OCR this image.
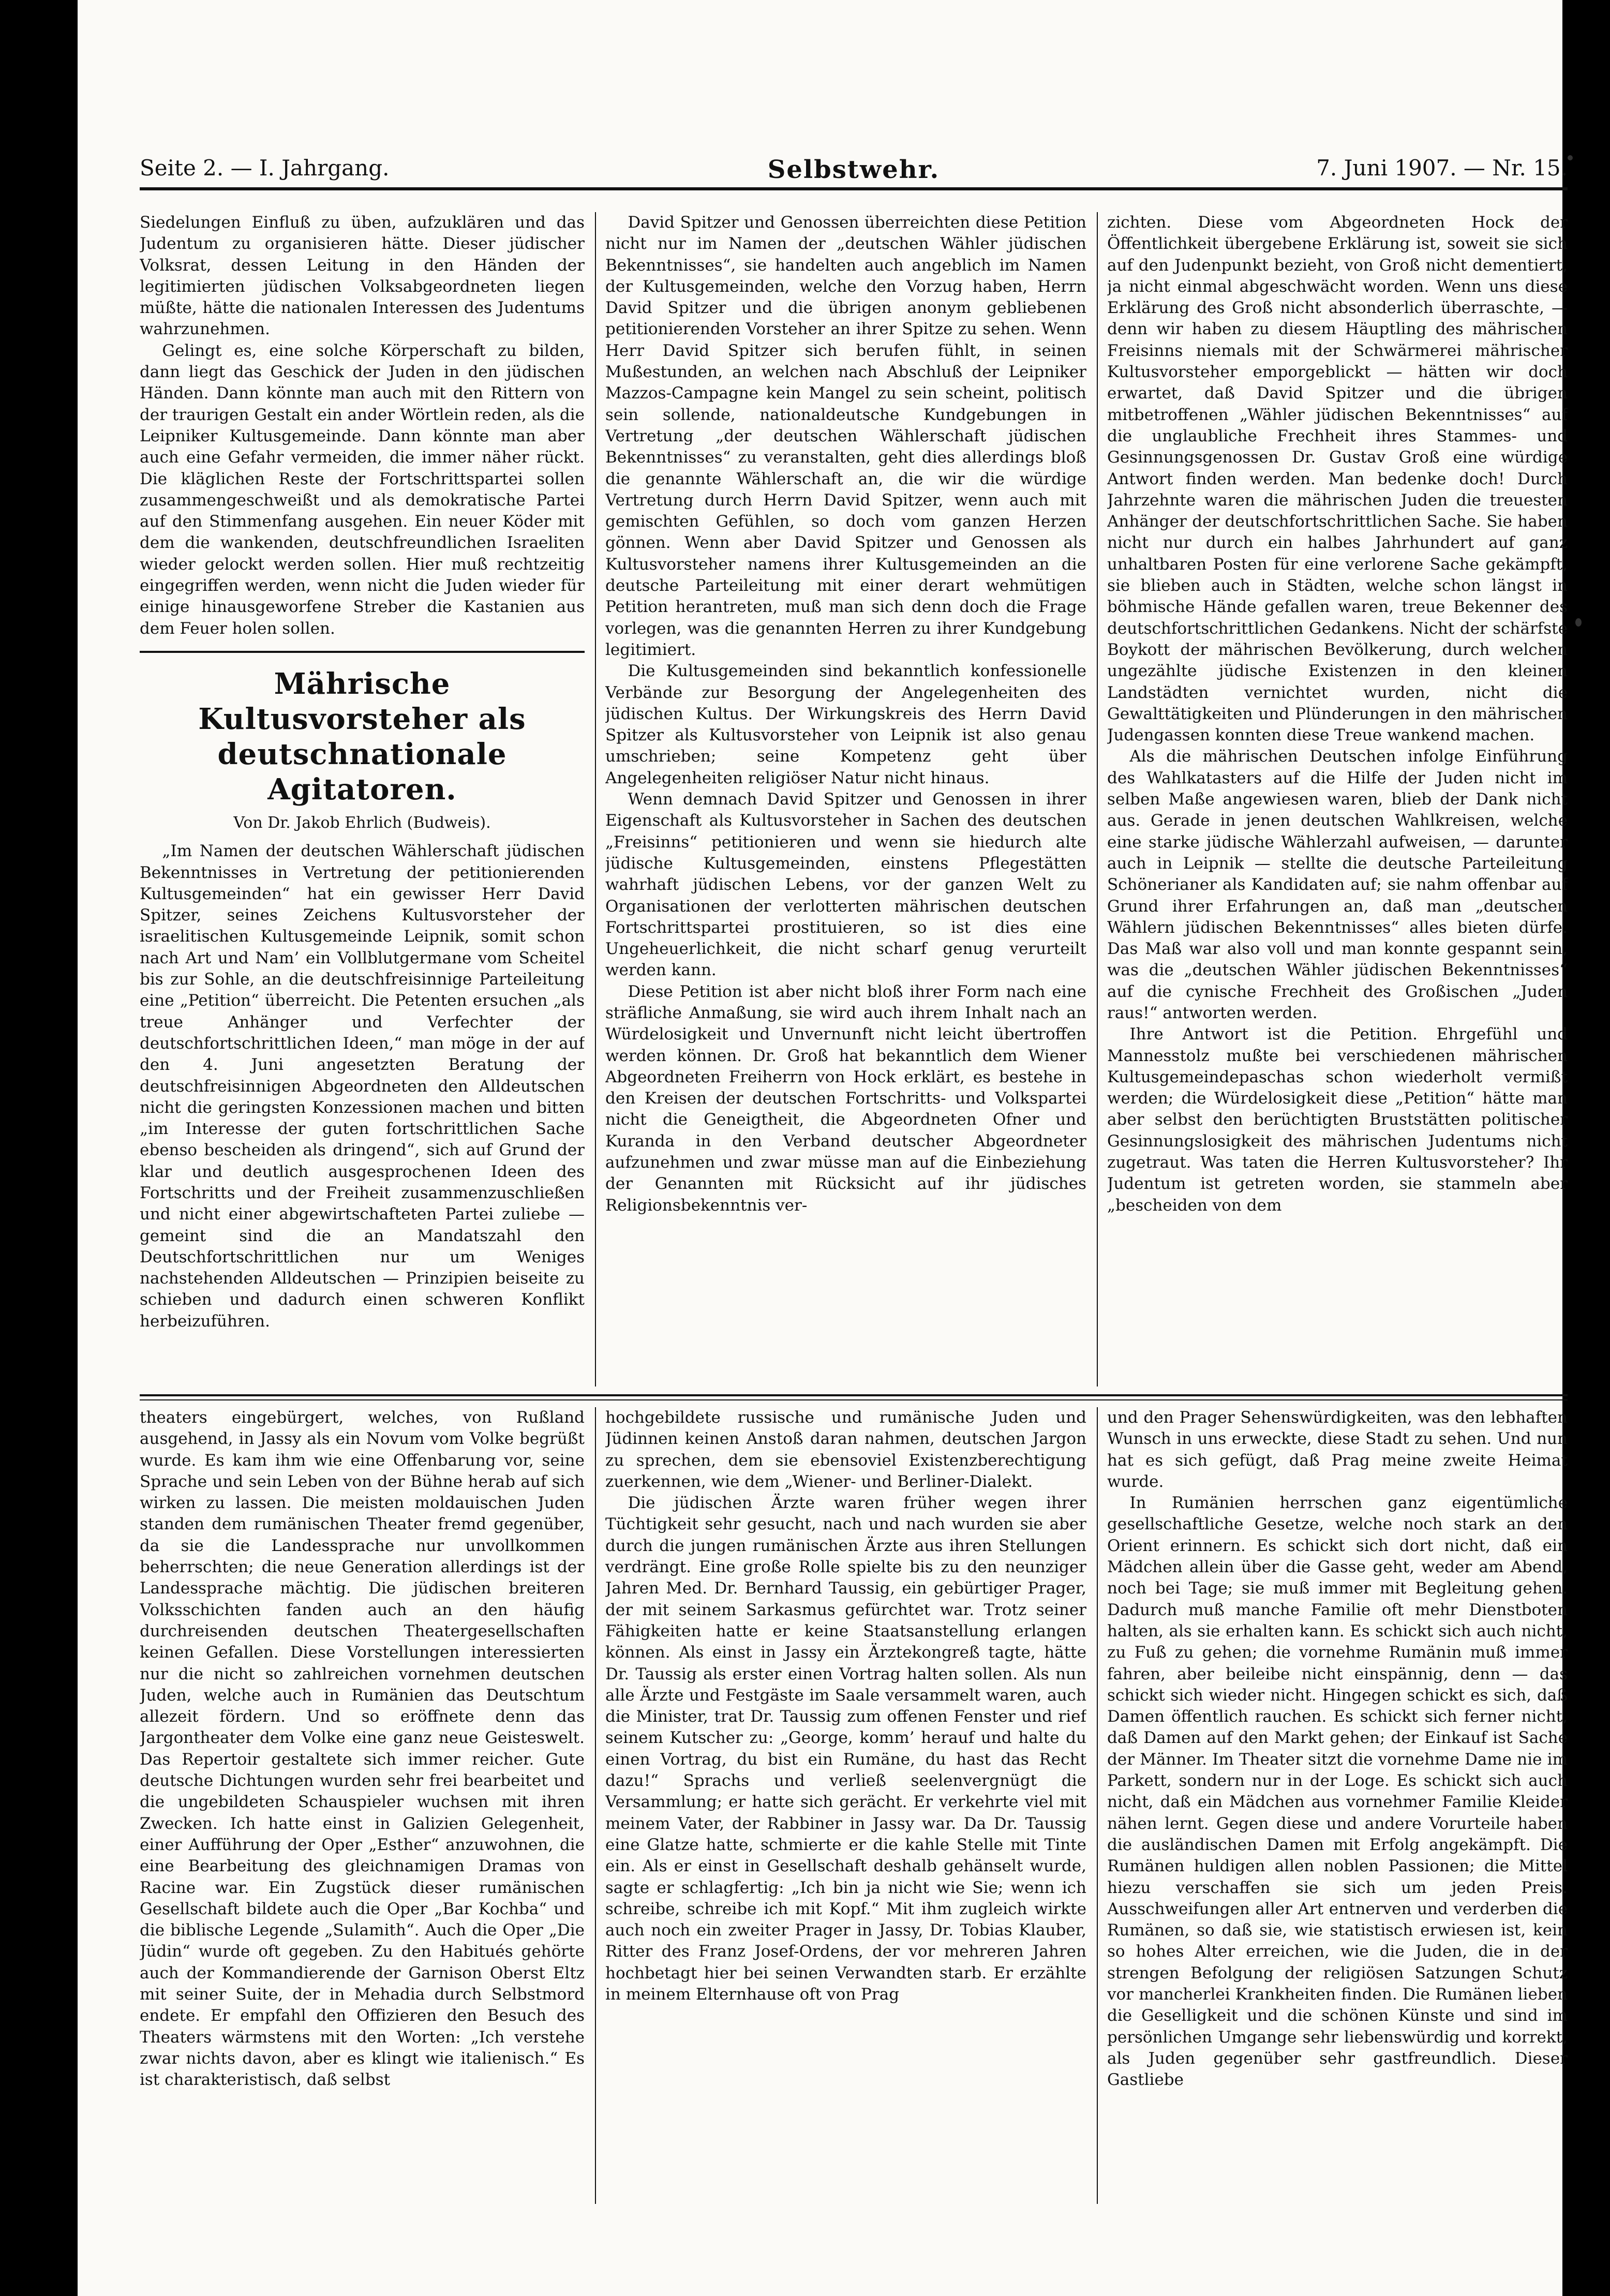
Seite 2. — I. Jahrgang.	Selbstwehr.	7. Juni 1907. — Nr. 15.

Siedelungen Einfluß zu üben, aufzuklären und das Judentum zu organisieren hätte. Dieser jüdischer Volksrat, dessen Leitung in den Händen der legitimierten jüdischen Volksabgeordneten liegen müßte, hätte die nationalen Interessen des Judentums wahrzunehmen.

Gelingt es, eine solche Körperschaft zu bilden, dann liegt das Geschick der Juden in den jüdischen Händen. Dann könnte man auch mit den Rittern von der traurigen Gestalt ein ander Wörtlein reden, als die Leipniker Kultusgemeinde. Dann könnte man aber auch eine Gefahr vermeiden, die immer näher rückt. Die kläglichen Reste der Fortschrittspartei sollen zusammengeschweißt und als demokratische Partei auf den Stimmenfang ausgehen. Ein neuer Köder mit dem die wankenden, deutschfreundlichen Israeliten wieder gelockt werden sollen. Hier muß rechtzeitig eingegriffen werden, wenn nicht die Juden wieder für einige hinausgeworfene Streber die Kastanien aus dem Feuer holen sollen.

Mährische Kultusvorsteher als deutschnationale Agitatoren.
Von Dr. Jakob Ehrlich (Budweis).

„Im Namen der deutschen Wählerschaft jüdischen Bekenntnisses in Vertretung der petitionierenden Kultusgemeinden“ hat ein gewisser Herr David Spitzer, seines Zeichens Kultusvorsteher der israelitischen Kultusgemeinde Leipnik, somit schon nach Art und Nam’ ein Vollblutgermane vom Scheitel bis zur Sohle, an die deutschfreisinnige Parteileitung eine „Petition“ überreicht. Die Petenten ersuchen „als treue Anhänger und Verfechter der deutschfortschrittlichen Ideen,“ man möge in der auf den 4. Juni angesetzten Beratung der deutschfreisinnigen Abgeordneten den Alldeutschen nicht die geringsten Konzessionen machen und bitten „im Interesse der guten fortschrittlichen Sache ebenso bescheiden als dringend“, sich auf Grund der klar und deutlich ausgesprochenen Ideen des Fortschritts und der Freiheit zusammenzuschließen und nicht einer abgewirtschafteten Partei zuliebe — gemeint sind die an Mandatszahl den Deutschfortschrittlichen nur um Weniges nachstehenden Alldeutschen — Prinzipien beiseite zu schieben und dadurch einen schweren Konflikt herbeizuführen.

David Spitzer und Genossen überreichten diese Petition nicht nur im Namen der „deutschen Wähler jüdischen Bekenntnisses“, sie handelten auch angeblich im Namen der Kultusgemeinden, welche den Vorzug haben, Herrn David Spitzer und die übrigen anonym gebliebenen petitionierenden Vorsteher an ihrer Spitze zu sehen. Wenn Herr David Spitzer sich berufen fühlt, in seinen Mußestunden, an welchen nach Abschluß der Leipniker Mazzos-Campagne kein Mangel zu sein scheint, politisch sein sollende, nationaldeutsche Kundgebungen in Vertretung „der deutschen Wählerschaft jüdischen Bekenntnisses“ zu veranstalten, geht dies allerdings bloß die genannte Wählerschaft an, die wir die würdige Vertretung durch Herrn David Spitzer, wenn auch mit gemischten Gefühlen, so doch vom ganzen Herzen gönnen. Wenn aber David Spitzer und Genossen als Kultusvorsteher namens ihrer Kultusgemeinden an die deutsche Parteileitung mit einer derart wehmütigen Petition herantreten, muß man sich denn doch die Frage vorlegen, was die genannten Herren zu ihrer Kundgebung legitimiert.

Die Kultusgemeinden sind bekanntlich konfessionelle Verbände zur Besorgung der Angelegenheiten des jüdischen Kultus. Der Wirkungskreis des Herrn David Spitzer als Kultusvorsteher von Leipnik ist also genau umschrieben; seine Kompetenz geht über Angelegenheiten religiöser Natur nicht hinaus.

Wenn demnach David Spitzer und Genossen in ihrer Eigenschaft als Kultusvorsteher in Sachen des deutschen „Freisinns“ petitionieren und wenn sie hiedurch alte jüdische Kultusgemeinden, einstens Pflegestätten wahrhaft jüdischen Lebens, vor der ganzen Welt zu Organisationen der verlotterten mährischen deutschen Fortschrittspartei prostituieren, so ist dies eine Ungeheuerlichkeit, die nicht scharf genug verurteilt werden kann.

Diese Petition ist aber nicht bloß ihrer Form nach eine sträfliche Anmaßung, sie wird auch ihrem Inhalt nach an Würdelosigkeit und Unvernunft nicht leicht übertroffen werden können. Dr. Groß hat bekanntlich dem Wiener Abgeordneten Freiherrn von Hock erklärt, es bestehe in den Kreisen der deutschen Fortschritts- und Volkspartei nicht die Geneigtheit, die Abgeordneten Ofner und Kuranda in den Verband deutscher Abgeordneter aufzunehmen und zwar müsse man auf die Einbeziehung der Genannten mit Rücksicht auf ihr jüdisches Religionsbekenntnis ver-

zichten. Diese vom Abgeordneten Hock der Öffentlichkeit übergebene Erklärung ist, soweit sie sich auf den Judenpunkt bezieht, von Groß nicht dementiert, ja nicht einmal abgeschwächt worden. Wenn uns diese Erklärung des Groß nicht absonderlich überraschte, — denn wir haben zu diesem Häuptling des mährischen Freisinns niemals mit der Schwärmerei mährischer Kultusvorsteher emporgeblickt — hätten wir doch erwartet, daß David Spitzer und die übrigen mitbetroffenen „Wähler jüdischen Bekenntnisses“ auf die unglaubliche Frechheit ihres Stammes- und Gesinnungsgenossen Dr. Gustav Groß eine würdige Antwort finden werden. Man bedenke doch! Durch Jahrzehnte waren die mährischen Juden die treuesten Anhänger der deutschfortschrittlichen Sache. Sie haben nicht nur durch ein halbes Jahrhundert auf ganz unhaltbaren Posten für eine verlorene Sache gekämpft, sie blieben auch in Städten, welche schon längst in böhmische Hände gefallen waren, treue Bekenner des deutschfortschrittlichen Gedankens. Nicht der schärfste Boykott der mährischen Bevölkerung, durch welchen ungezählte jüdische Existenzen in den kleinen Landstädten vernichtet wurden, nicht die Gewalttätigkeiten und Plünderungen in den mährischen Judengassen konnten diese Treue wankend machen.

Als die mährischen Deutschen infolge Einführung des Wahlkatasters auf die Hilfe der Juden nicht im selben Maße angewiesen waren, blieb der Dank nicht aus. Gerade in jenen deutschen Wahlkreisen, welche eine starke jüdische Wählerzahl aufweisen, — darunter auch in Leipnik — stellte die deutsche Parteileitung Schönerianer als Kandidaten auf; sie nahm offenbar auf Grund ihrer Erfahrungen an, daß man „deutschen Wählern jüdischen Bekenntnisses“ alles bieten dürfe. Das Maß war also voll und man konnte gespannt sein, was die „deutschen Wähler jüdischen Bekenntnisses“ auf die cynische Frechheit des Großischen „Juden raus!“ antworten werden.

Ihre Antwort ist die Petition. Ehrgefühl und Mannesstolz mußte bei verschiedenen mährischen Kultusgemeindepaschas schon wiederholt vermißt werden; die Würdelosigkeit diese „Petition“ hätte man aber selbst den berüchtigten Bruststätten politischer Gesinnungslosigkeit des mährischen Judentums nicht zugetraut. Was taten die Herren Kultusvorsteher? Ihr Judentum ist getreten worden, sie stammeln aber „bescheiden von dem

theaters eingebürgert, welches, von Rußland ausgehend, in Jassy als ein Novum vom Volke begrüßt wurde. Es kam ihm wie eine Offenbarung vor, seine Sprache und sein Leben von der Bühne herab auf sich wirken zu lassen. Die meisten moldauischen Juden standen dem rumänischen Theater fremd gegenüber, da sie die Landessprache nur unvollkommen beherrschten; die neue Generation allerdings ist der Landessprache mächtig. Die jüdischen breiteren Volksschichten fanden auch an den häufig durchreisenden deutschen Theatergesellschaften keinen Gefallen. Diese Vorstellungen interessierten nur die nicht so zahlreichen vornehmen deutschen Juden, welche auch in Rumänien das Deutschtum allezeit fördern. Und so eröffnete denn das Jargontheater dem Volke eine ganz neue Geisteswelt. Das Repertoir gestaltete sich immer reicher. Gute deutsche Dichtungen wurden sehr frei bearbeitet und die ungebildeten Schauspieler wuchsen mit ihren Zwecken. Ich hatte einst in Galizien Gelegenheit, einer Aufführung der Oper „Esther“ anzuwohnen, die eine Bearbeitung des gleichnamigen Dramas von Racine war. Ein Zugstück dieser rumänischen Gesellschaft bildete auch die Oper „Bar Kochba“ und die biblische Legende „Sulamith“. Auch die Oper „Die Jüdin“ wurde oft gegeben. Zu den Habitués gehörte auch der Kommandierende der Garnison Oberst Eltz mit seiner Suite, der in Mehadia durch Selbstmord endete. Er empfahl den Offizieren den Besuch des Theaters wärmstens mit den Worten: „Ich verstehe zwar nichts davon, aber es klingt wie italienisch.“ Es ist charakteristisch, daß selbst

hochgebildete russische und rumänische Juden und Jüdinnen keinen Anstoß daran nahmen, deutschen Jargon zu sprechen, dem sie ebensoviel Existenzberechtigung zuerkennen, wie dem „Wiener- und Berliner-Dialekt.

Die jüdischen Ärzte waren früher wegen ihrer Tüchtigkeit sehr gesucht, nach und nach wurden sie aber durch die jungen rumänischen Ärzte aus ihren Stellungen verdrängt. Eine große Rolle spielte bis zu den neunziger Jahren Med. Dr. Bernhard Taussig, ein gebürtiger Prager, der mit seinem Sarkasmus gefürchtet war. Trotz seiner Fähigkeiten hatte er keine Staatsanstellung erlangen können. Als einst in Jassy ein Ärztekongreß tagte, hätte Dr. Taussig als erster einen Vortrag halten sollen. Als nun alle Ärzte und Festgäste im Saale versammelt waren, auch die Minister, trat Dr. Taussig zum offenen Fenster und rief seinem Kutscher zu: „George, komm’ herauf und halte du einen Vortrag, du bist ein Rumäne, du hast das Recht dazu!“ Sprachs und verließ seelenvergnügt die Versammlung; er hatte sich gerächt. Er verkehrte viel mit meinem Vater, der Rabbiner in Jassy war. Da Dr. Taussig eine Glatze hatte, schmierte er die kahle Stelle mit Tinte ein. Als er einst in Gesellschaft deshalb gehänselt wurde, sagte er schlagfertig: „Ich bin ja nicht wie Sie; wenn ich schreibe, schreibe ich mit Kopf.“ Mit ihm zugleich wirkte auch noch ein zweiter Prager in Jassy, Dr. Tobias Klauber, Ritter des Franz Josef-Ordens, der vor mehreren Jahren hochbetagt hier bei seinen Verwandten starb. Er erzählte in meinem Elternhause oft von Prag

und den Prager Sehenswürdigkeiten, was den lebhaften Wunsch in uns erweckte, diese Stadt zu sehen. Und nun hat es sich gefügt, daß Prag meine zweite Heimat wurde.

In Rumänien herrschen ganz eigentümliche gesellschaftliche Gesetze, welche noch stark an den Orient erinnern. Es schickt sich dort nicht, daß ein Mädchen allein über die Gasse geht, weder am Abend, noch bei Tage; sie muß immer mit Begleitung gehen. Dadurch muß manche Familie oft mehr Dienstboten halten, als sie erhalten kann. Es schickt sich auch nicht, zu Fuß zu gehen; die vornehme Rumänin muß immer fahren, aber beileibe nicht einspännig, denn — das schickt sich wieder nicht. Hingegen schickt es sich, daß Damen öffentlich rauchen. Es schickt sich ferner nicht, daß Damen auf den Markt gehen; der Einkauf ist Sache der Männer. Im Theater sitzt die vornehme Dame nie im Parkett, sondern nur in der Loge. Es schickt sich auch nicht, daß ein Mädchen aus vornehmer Familie Kleider nähen lernt. Gegen diese und andere Vorurteile haben die ausländischen Damen mit Erfolg angekämpft. Die Rumänen huldigen allen noblen Passionen; die Mittel hiezu verschaffen sie sich um jeden Preis. Ausschweifungen aller Art entnerven und verderben die Rumänen, so daß sie, wie statistisch erwiesen ist, kein so hohes Alter erreichen, wie die Juden, die in der strengen Befolgung der religiösen Satzungen Schutz vor mancherlei Krankheiten finden. Die Rumänen lieben die Geselligkeit und die schönen Künste und sind im persönlichen Umgange sehr liebenswürdig und korrekt, als Juden gegenüber sehr gastfreundlich. Dieser Gastliebe
